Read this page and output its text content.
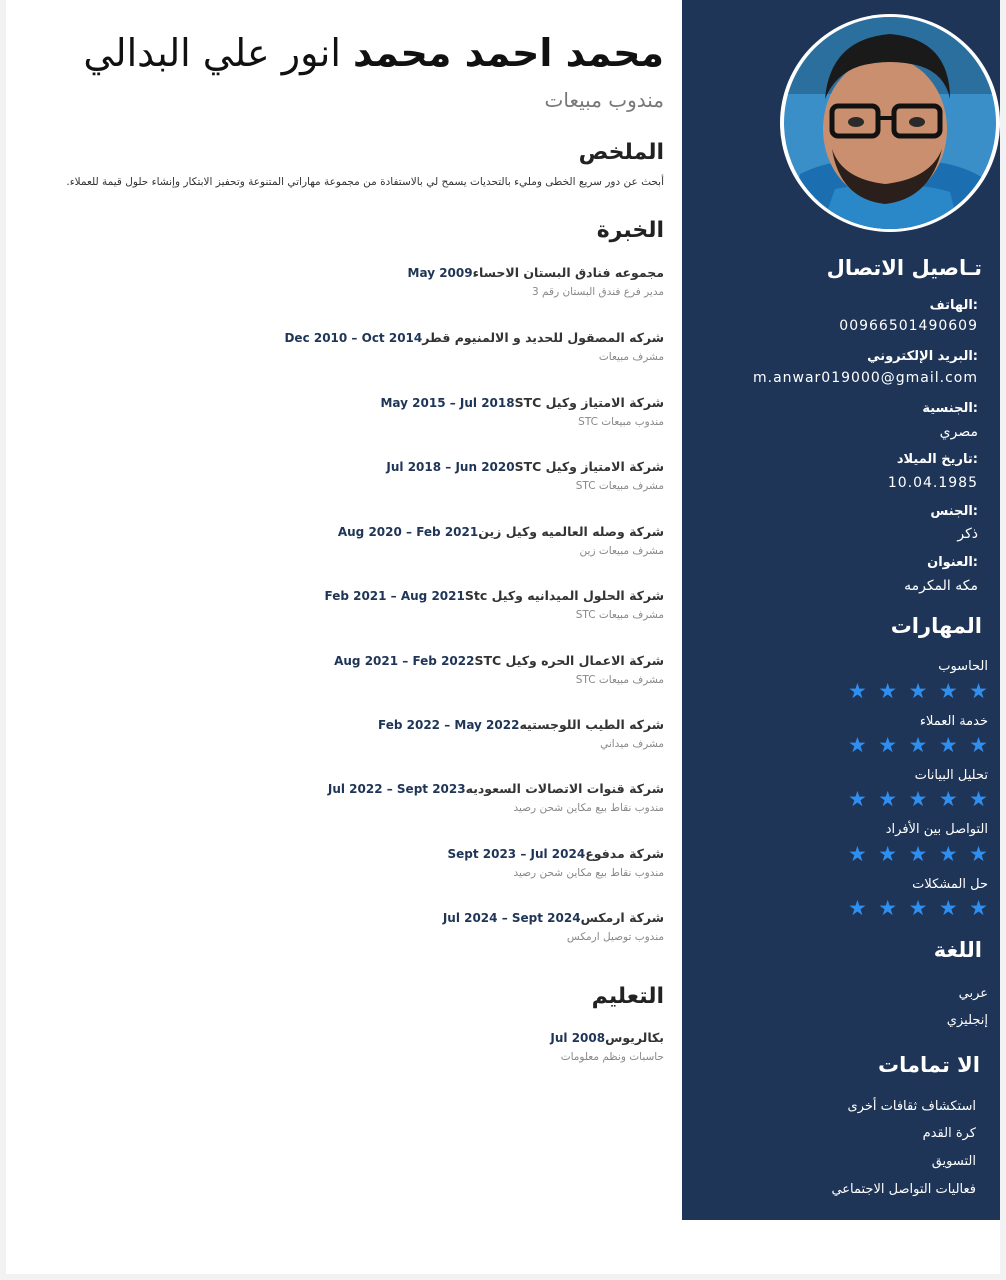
تـاصيل الاتصال
الهاتف:
00966501490609
البريد الإلكتروني:
m.anwar019000@gmail.com
الجنسية:
مصري
تاريخ الميلاد:
10.04.1985
الجنس:
ذكر
العنوان:
مكه المكرمه
المهارات
الحاسوب
★ ★ ★ ★ ★
خدمة العملاء
★ ★ ★ ★ ★
تحليل البيانات
★ ★ ★ ★ ★
التواصل بين الأفراد
★ ★ ★ ★ ★
حل المشكلات
★ ★ ★ ★ ★
اللغة
عربي
إنجليزي
الا تمامات
استكشاف ثقافات أخرى
كرة القدم
التسويق
فعاليات التواصل الاجتماعي
محمد احمد محمد انور علي البدالي
مندوب مبيعات
الملخص
أبحث عن دور سريع الخطى ومليء بالتحديات يسمح لي بالاستفادة من مجموعة مهاراتي المتنوعة وتحفيز الابتكار وإنشاء حلول قيمة للعملاء.
الخبرة
مجموعه فنادق البستان الاحساء
May 2009
مدير فرع فندق البستان رقم 3
شركه المصقول للحديد و الالمنيوم قطر
Dec 2010 – Oct 2014
مشرف مبيعات
شركة الامتياز وكيل STC
May 2015 – Jul 2018
مندوب مبيعات STC
شركة الامتياز وكيل STC
Jul 2018 – Jun 2020
مشرف مبيعات STC
شركة وصله العالميه وكيل زين
Aug 2020 – Feb 2021
مشرف مبيعات زين
شركة الحلول الميدانيه وكيل Stc
Feb 2021 – Aug 2021
مشرف مبيعات STC
شركة الاعمال الحره وكيل STC
Aug 2021 – Feb 2022
مشرف مبيعات STC
شركه الطيب اللوجستيه
Feb 2022 – May 2022
مشرف ميداني
شركة قنوات الاتصالات السعوديه
Jul 2022 – Sept 2023
مندوب نقاط بيع مكاين شحن رصيد
شركة مدفوع
Sept 2023 – Jul 2024
مندوب نقاط بيع مكاين شحن رصيد
شركة ارمكس
Jul 2024 – Sept 2024
مندوب توصيل ارمكس
التعليم
بكالريوس
Jul 2008
حاسبات ونظم معلومات
